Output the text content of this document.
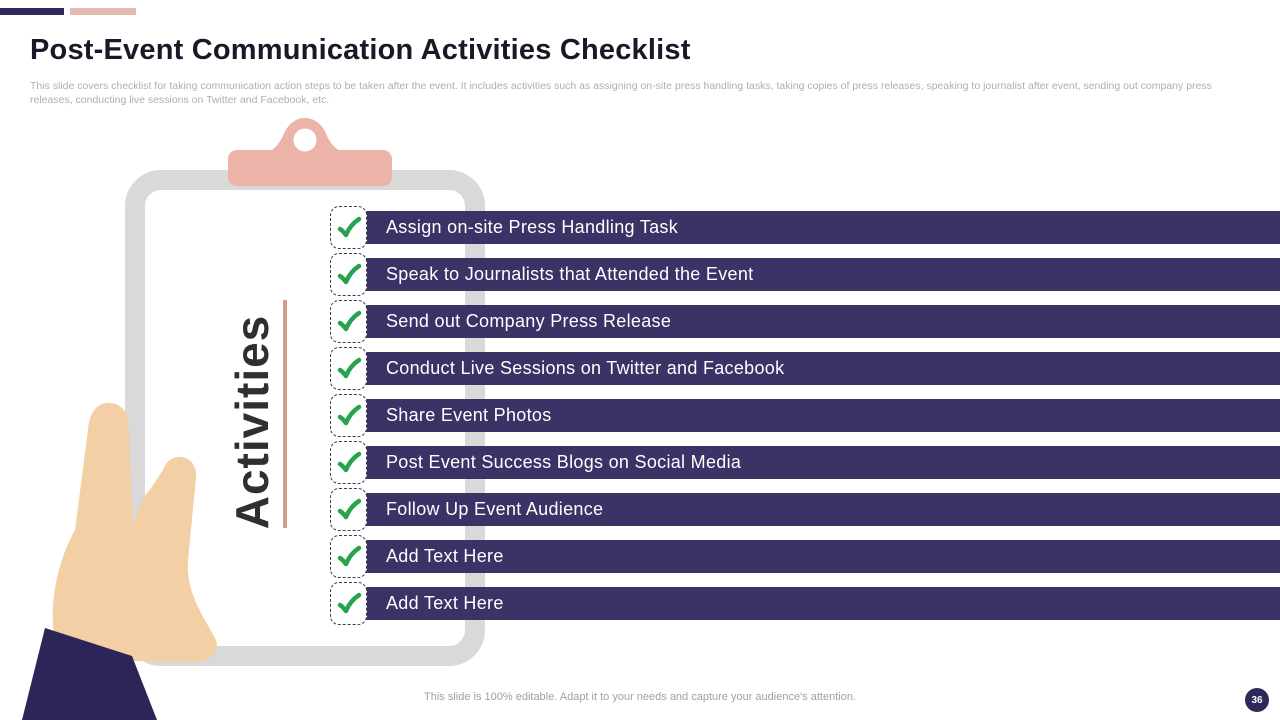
Post-Event Communication Activities Checklist

This slide covers checklist for taking communication action steps to be taken after the event. It includes activities such as assigning on-site press handling tasks, taking copies of press releases, speaking to journalist after event, sending out company press releases, conducting live sessions on Twitter and Facebook, etc.

Activities
Assign on-site Press Handling Task
Speak to Journalists that Attended the Event
Send out Company Press Release
Conduct Live Sessions on Twitter and Facebook
Share Event Photos
Post Event Success Blogs on Social Media
Follow Up Event Audience
Add Text Here
Add Text Here
This slide is 100% editable. Adapt it to your needs and capture your audience's attention.	36
